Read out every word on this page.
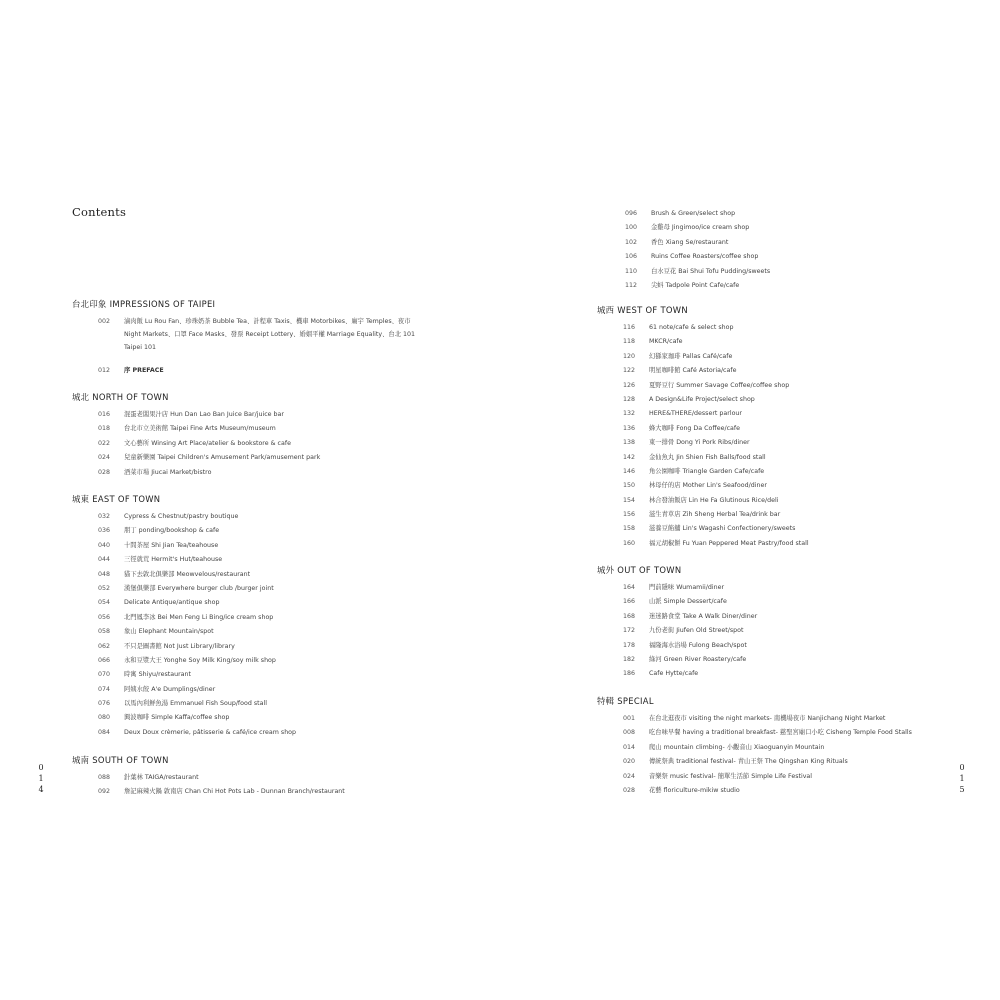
Contents
台北印象 IMPRESSIONS OF TAIPEI
002	滷肉飯 Lu Rou Fan、珍珠奶茶 Bubble Tea、計程車 Taxis、機車 Motorbikes、廟宇 Temples、夜市 Night Markets、口罩 Face Masks、發票 Receipt Lottery、婚姻平權 Marriage Equality、台北 101 Taipei 101
012	序 PREFACE
城北 NORTH OF TOWN
016	混蛋老闆果汁店 Hun Dan Lao Ban Juice Bar/juice bar
018	台北市立美術館 Taipei Fine Arts Museum/museum
022	文心藝所 Winsing Art Place/atelier & bookstore & cafe
024	兒童新樂園 Taipei Children's Amusement Park/amusement park
028	酒菜市場 Jiucai Market/bistro
城東 EAST OF TOWN
032	Cypress & Chestnut/pastry boutique
036	朋丁 ponding/bookshop & cafe
040	十間茶屋 Shi Jian Tea/teahouse
044	三徑就荒 Hermit's Hut/teahouse
048	貓下去敦北俱樂部 Meowvelous/restaurant
052	漢堡俱樂部 Everywhere burger club /burger joint
054	Delicate Antique/antique shop
056	北門鳳李冰 Bei Men Feng Li Bing/ice cream shop
058	象山 Elephant Mountain/spot
062	不只是圖書館 Not Just Library/library
066	永和豆漿大王 Yonghe Soy Milk King/soy milk shop
070	時寓 Shiyu/restaurant
074	阿姨水餃 A'e Dumplings/diner
076	以馬內利鮮魚湯 Emmanuel Fish Soup/food stall
080	興波咖啡 Simple Kaffa/coffee shop
084	Deux Doux crèmerie, pâtisserie & café/ice cream shop
城南 SOUTH OF TOWN
088	針葉林 TAIGA/restaurant
092	詹記麻辣火鍋 敦南店 Chan Chi Hot Pots Lab - Dunnan Branch/restaurant
0
1
4
096	Brush & Green/select shop
100	金雞母 Jingimoo/ice cream shop
102	香色 Xiang Se/restaurant
106	Ruins Coffee Roasters/coffee shop
110	白水豆花 Bai Shui Tofu Pudding/sweets
112	尖蚪 Tadpole Point Cafe/cafe
城西 WEST OF TOWN
116	61 note/cafe & select shop
118	MKCR/cafe
120	幻猻家珈琲 Pallas Café/cafe
122	明星咖啡館 Café Astoria/cafe
126	夏野豆行 Summer Savage Coffee/coffee shop
128	A Design&Life Project/select shop
132	HERE&THERE/dessert parlour
136	蜂大咖啡 Fong Da Coffee/cafe
138	東一排骨 Dong Yi Pork Ribs/diner
142	金仙魚丸 Jin Shien Fish Balls/food stall
146	角公園咖啡 Triangle Garden Cafe/cafe
150	林母仔的店 Mother Lin's Seafood/diner
154	林合發油飯店 Lin He Fa Glutinous Rice/deli
156	滋生青草店 Zih Sheng Herbal Tea/drink bar
158	滋養豆餡舖 Lin's Wagashi Confectionery/sweets
160	福元胡椒餅 Fu Yuan Peppered Meat Pastry/food stall
城外 OUT OF TOWN
164	門前隱味 Wumamii/diner
166	山派 Simple Dessert/cafe
168	迷迷路食堂 Take A Walk Diner/diner
172	九份老街 Jiufen Old Street/spot
178	福隆海水浴場 Fulong Beach/spot
182	綠河 Green River Roastery/cafe
186	Cafe Hytte/cafe
特輯 SPECIAL
001	在台北逛夜市 visiting the night markets- 南機場夜市 Nanjichang Night Market
008	吃台味早餐 having a traditional breakfast- 慈聖宮廟口小吃 Cisheng Temple Food Stalls
014	爬山 mountain climbing- 小觀音山 Xiaoguanyin Mountain
020	傳統祭典 traditional festival- 青山王祭 The Qingshan King Rituals
024	音樂祭 music festival- 簡單生活節 Simple Life Festival
028	花藝 floriculture-mikiw studio
0
1
5
